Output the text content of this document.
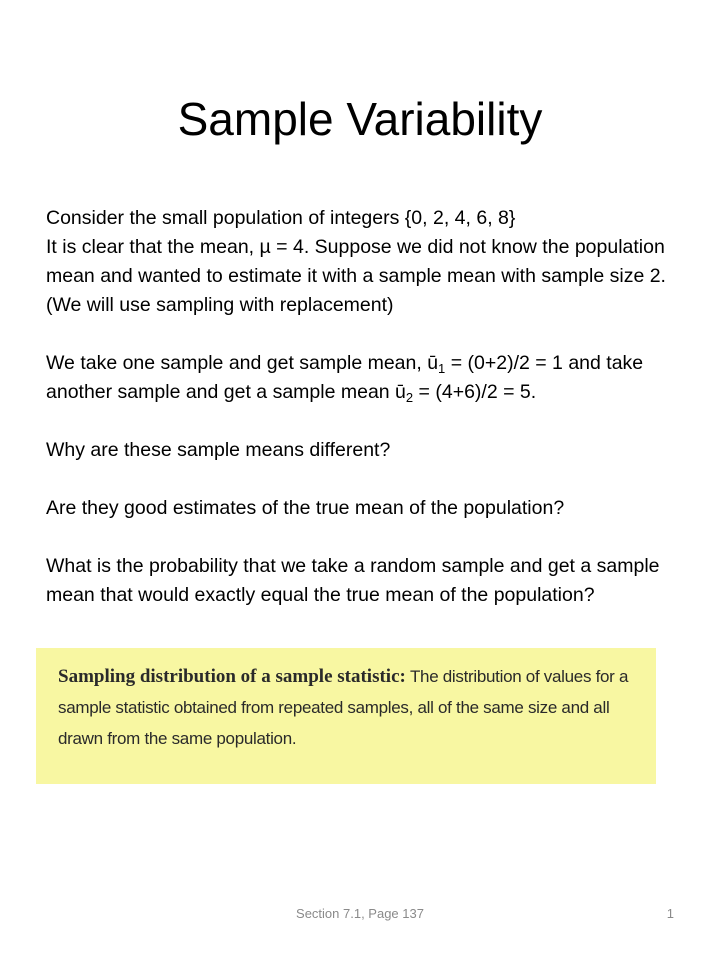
Sample Variability

Consider the small population of integers {0, 2, 4, 6, 8}
It is clear that the mean, µ = 4. Suppose we did not know the population mean and wanted to estimate it with a sample mean with sample size 2. (We will use sampling with replacement)

We take one sample and get sample mean, $ū_1 = (0+2)/2 = 1$ and take another sample and get a sample mean $ū_2 = (4+6)/2 = 5$.

Why are these sample means different?

Are they good estimates of the true mean of the population?

What is the probability that we take a random sample and get a sample mean that would exactly equal the true mean of the population?

Sampling distribution of a sample statistic: The distribution of values for a sample statistic obtained from repeated samples, all of the same size and all drawn from the same population.
Section 7.1, Page 137	1
